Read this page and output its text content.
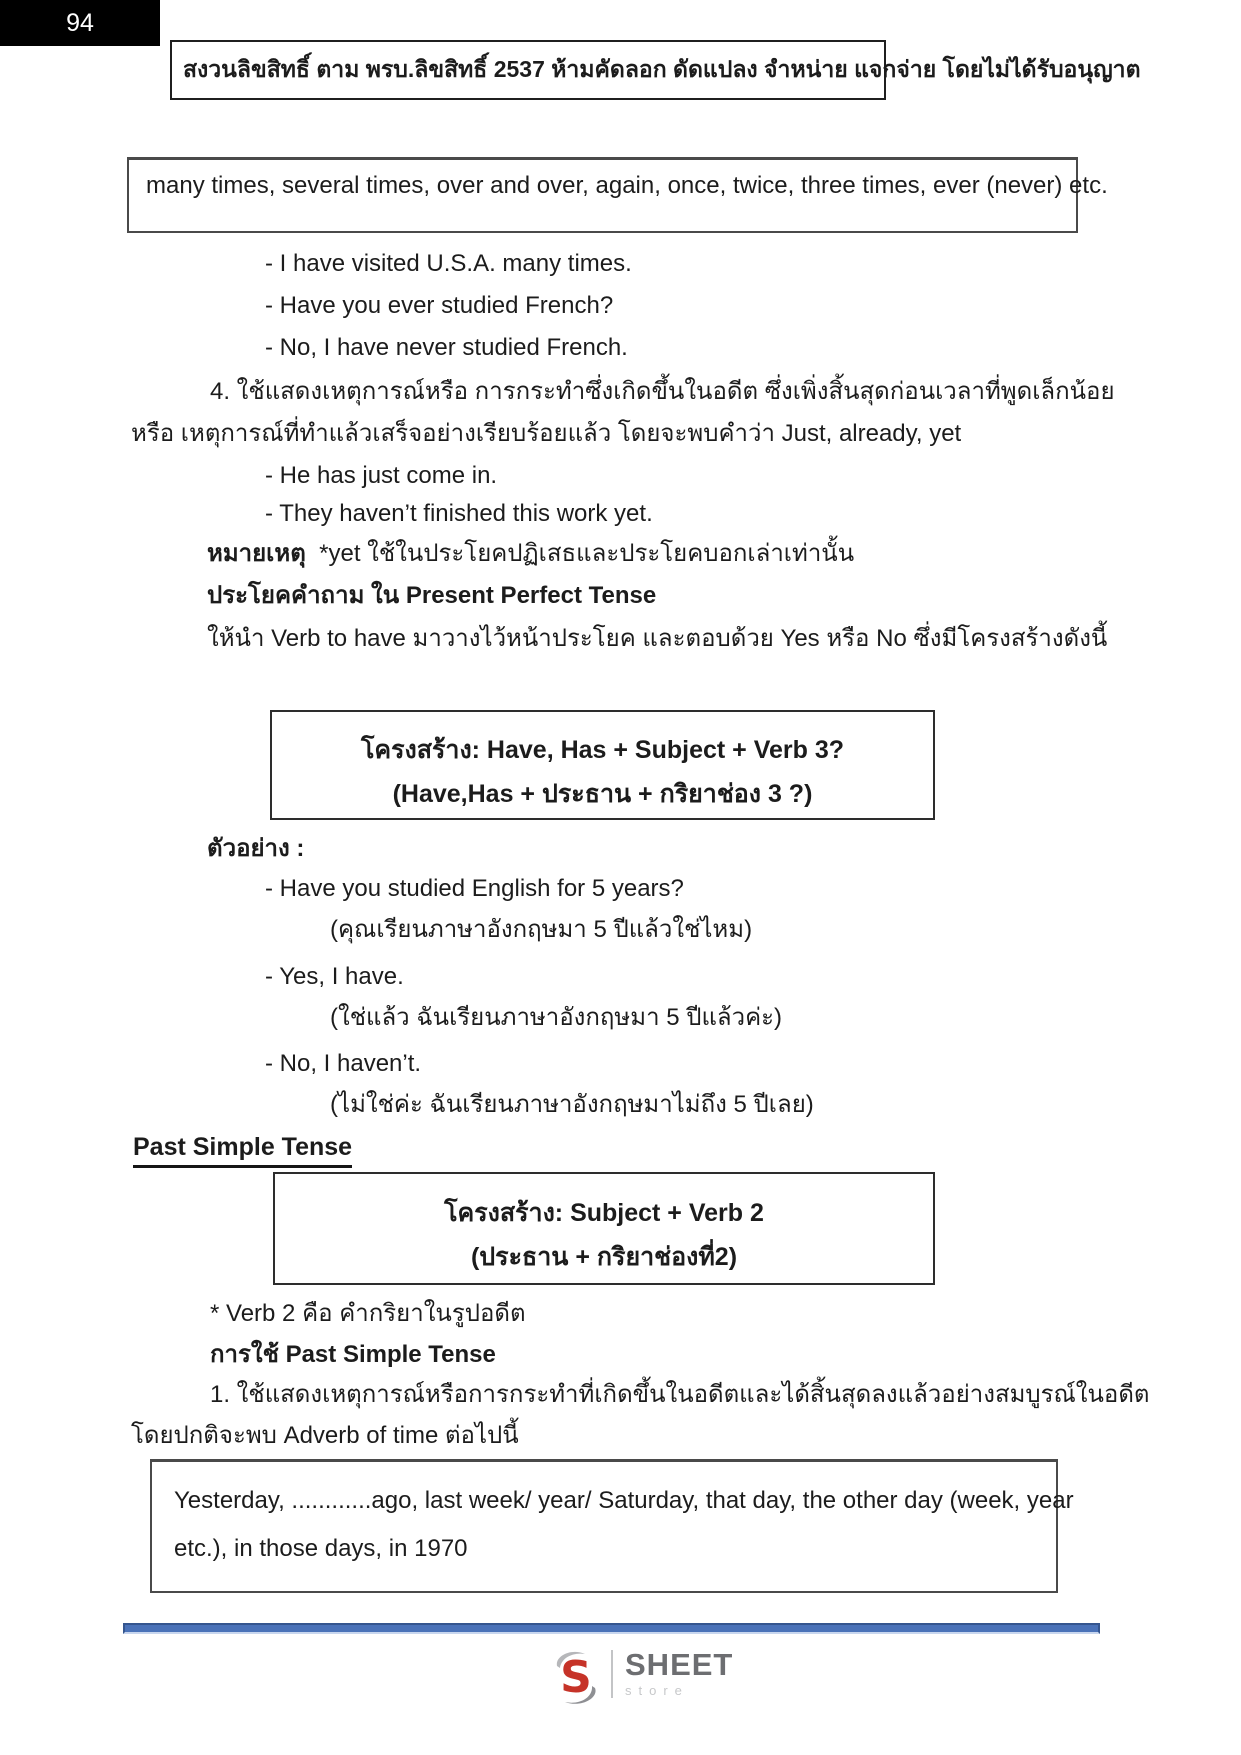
94
สงวนลิขสิทธิ์ ตาม พรบ.ลิขสิทธิ์ 2537 ห้ามคัดลอก ดัดแปลง จำหน่าย แจกจ่าย โดยไม่ได้รับอนุญาต
many times, several times, over and over, again, once, twice, three times, ever (never) etc.
- I have visited U.S.A. many times.
- Have you ever studied French?
- No, I have never studied French.
4. ใช้แสดงเหตุการณ์หรือ การกระทำซึ่งเกิดขึ้นในอดีต ซึ่งเพิ่งสิ้นสุดก่อนเวลาที่พูดเล็กน้อย
หรือ เหตุการณ์ที่ทำแล้วเสร็จอย่างเรียบร้อยแล้ว โดยจะพบคำว่า Just, already, yet
- He has just come in.
- They haven’t finished this work yet.
หมายเหตุ  *yet ใช้ในประโยคปฏิเสธและประโยคบอกเล่าเท่านั้น
ประโยคคำถาม ใน Present Perfect Tense
ให้นำ Verb to have มาวางไว้หน้าประโยค และตอบด้วย Yes หรือ No ซึ่งมีโครงสร้างดังนี้
โครงสร้าง: Have, Has + Subject + Verb 3?
(Have,Has + ประธาน + กริยาช่อง 3 ?)
ตัวอย่าง :
- Have you studied English for 5 years?
(คุณเรียนภาษาอังกฤษมา 5 ปีแล้วใช่ไหม)
- Yes, I have.
(ใช่แล้ว ฉันเรียนภาษาอังกฤษมา 5 ปีแล้วค่ะ)
- No, I haven’t.
(ไม่ใช่ค่ะ ฉันเรียนภาษาอังกฤษมาไม่ถึง 5 ปีเลย)
Past Simple Tense
โครงสร้าง: Subject + Verb 2
(ประธาน + กริยาช่องที่2)
* Verb 2 คือ คำกริยาในรูปอดีต
การใช้ Past Simple Tense
1. ใช้แสดงเหตุการณ์หรือการกระทำที่เกิดขึ้นในอดีตและได้สิ้นสุดลงแล้วอย่างสมบูรณ์ในอดีต
โดยปกติจะพบ Adverb of time ต่อไปนี้
Yesterday, ............ago, last week/ year/ Saturday, that day, the other day (week, year
etc.), in those days, in 1970
S SHEET
store
